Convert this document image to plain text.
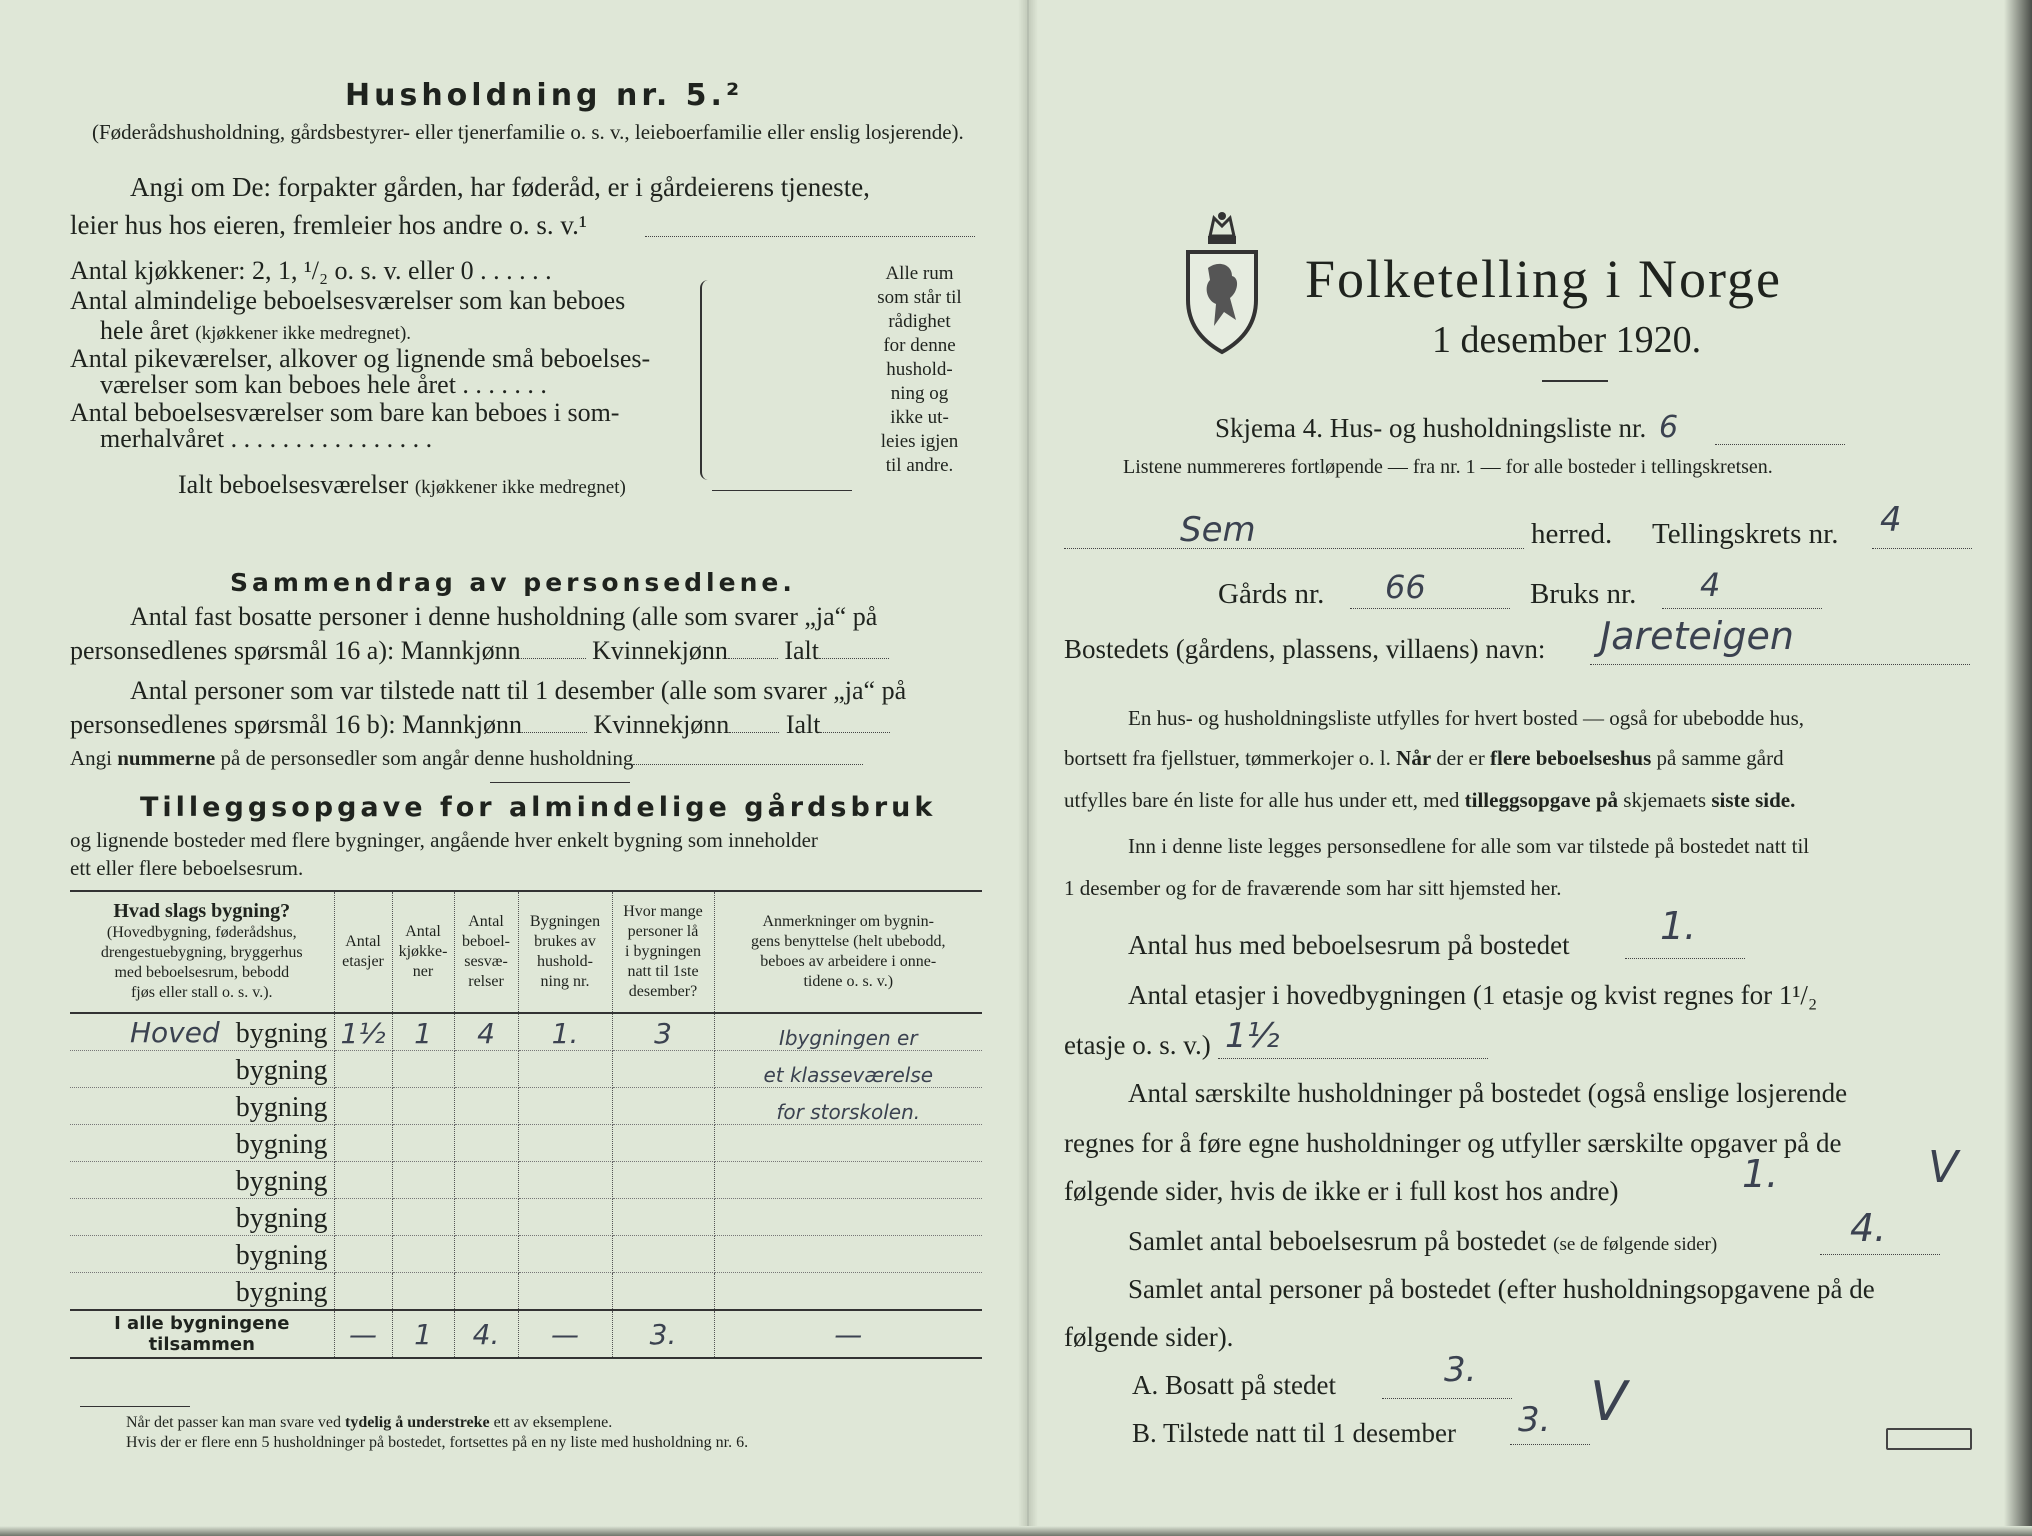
Husholdning nr. 5.²
(Føderådshusholdning, gårdsbestyrer- eller tjenerfamilie o. s. v., leieboerfamilie eller enslig losjerende).
Angi om De: forpakter gården, har føderåd, er i gårdeierens tjeneste,
leier hus hos eieren, fremleier hos andre o. s. v.¹
Antal kjøkkener: 2, 1, ¹/₂ o. s. v. eller 0 . . . . . .
Antal almindelige beboelsesværelser som kan beboes
hele året (kjøkkener ikke medregnet).
Antal pikeværelser, alkover og lignende små beboelses-
værelser som kan beboes hele året . . . . . . .
Antal beboelsesværelser som bare kan beboes i som-
merhalvåret . . . . . . . . . . . . . . . .
Ialt beboelsesværelser (kjøkkener ikke medregnet)
Alle rum
som står til
rådighet
for denne
hushold-
ning og
ikke ut-
leies igjen
til andre.
Sammendrag av personsedlene.
Antal fast bosatte personer i denne husholdning (alle som svarer „ja“ på
personsedlenes spørsmål 16 a): Mannkjønn	Kvinnekjønn Ialt
Antal personer som var tilstede natt til 1 desember (alle som svarer „ja“ på
personsedlenes spørsmål 16 b): Mannkjønn	Kvinnekjønn Ialt
Angi nummerne på de personsedler som angår denne husholdning
Tilleggsopgave for almindelige gårdsbruk
og lignende bosteder med flere bygninger, angående hver enkelt bygning som inneholder
ett eller flere beboelsesrum.
Hvad slags bygning?
(Hovedbygning, føderådshus,
drengestuebygning, bryggerhus
med beboelsesrum, bebodd
fjøs eller stall o. s. v.).	Antal
etasjer	Antal
kjøkke-
ner	Antal
beboel-
sesvæ-
relser	Bygningen
brukes av
hushold-
ning nr.	Hvor mange
personer lå
i bygningen
natt til 1ste
desember?	Anmerkninger om bygnin-
gens benyttelse (helt ubebodd,
beboes av arbeidere i onne-
tidene o. s. v.)
Hoved bygning	1½	1	4	1.	3	Ibygningen er
bygning						et klasseværelse
bygning						for storskolen.
bygning						
bygning						
bygning						
bygning						
bygning						
I alle bygningene tilsammen	—	1	4.	—	3.	—
Når det passer kan man svare ved tydelig å understreke ett av eksemplene.
Hvis der er flere enn 5 husholdninger på bostedet, fortsettes på en ny liste med husholdning nr. 6.
Folketelling i Norge
1 desember 1920.
Skjema 4. Hus- og husholdningsliste nr. 6
Listene nummereres fortløpende — fra nr. 1 — for alle bosteder i tellingskretsen.
Sem	herred. Tellingskrets nr. 4
Gårds nr. 66	Bruks nr. 4
Bostedets (gårdens, plassens, villaens) navn: Jareteigen
En hus- og husholdningsliste utfylles for hvert bosted — også for ubebodde hus,
bortsett fra fjellstuer, tømmerkojer o. l. Når der er flere beboelseshus på samme gård
utfylles bare én liste for alle hus under ett, med tilleggsopgave på skjemaets siste side.
Inn i denne liste legges personsedlene for alle som var tilstede på bostedet natt til
1 desember og for de fraværende som har sitt hjemsted her.
Antal hus med beboelsesrum på bostedet 1.
Antal etasjer i hovedbygningen (1 etasje og kvist regnes for 1¹/₂
etasje o. s. v.) 1½
Antal særskilte husholdninger på bostedet (også enslige losjerende
regnes for å føre egne husholdninger og utfyller særskilte opgaver på de
følgende sider, hvis de ikke er i full kost hos andre)	1.	V
Samlet antal beboelsesrum på bostedet (se de følgende sider)	4.
Samlet antal personer på bostedet (efter husholdningsopgavene på de
følgende sider).
A. Bosatt på stedet	3.
B. Tilstede natt til 1 desember 3. V
